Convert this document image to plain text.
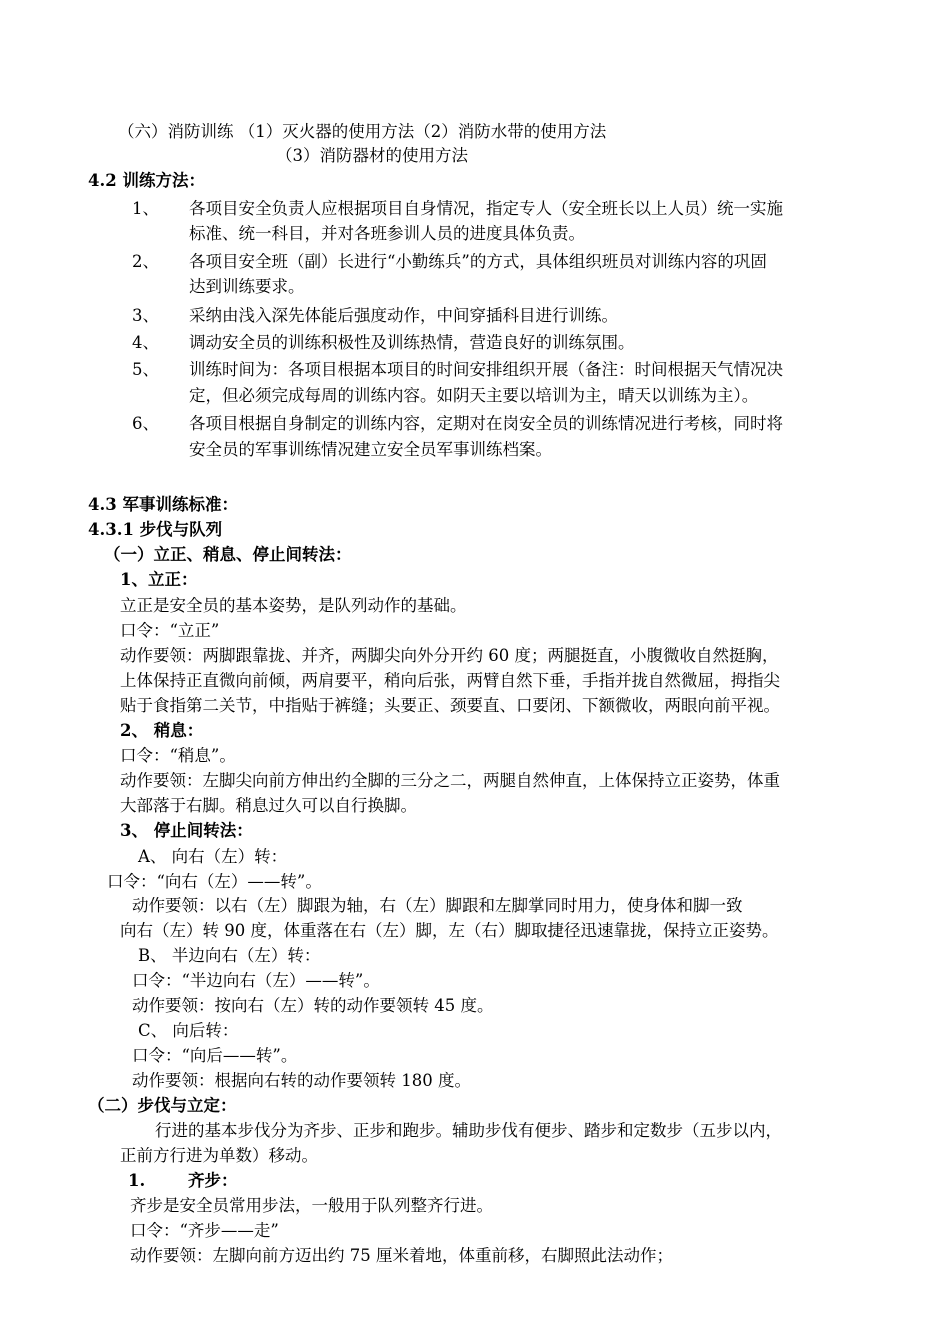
（六）消防训练 （1）灭火器的使用方法（2）消防水带的使用方法
（3）消防器材的使用方法
4.2 训练方法：
1、 各项目安全负责人应根据项目自身情况，指定专人（安全班长以上人员）统一实施
标准、统一科目，并对各班参训人员的进度具体负责。
2、 各项目安全班（副）长进行“小勤练兵”的方式，具体组织班员对训练内容的巩固
达到训练要求。
3、 采纳由浅入深先体能后强度动作，中间穿插科目进行训练。
4、 调动安全员的训练积极性及训练热情，营造良好的训练氛围。
5、 训练时间为：各项目根据本项目的时间安排组织开展（备注：时间根据天气情况决
定，但必须完成每周的训练内容。如阴天主要以培训为主，晴天以训练为主）。
6、 各项目根据自身制定的训练内容，定期对在岗安全员的训练情况进行考核，同时将
安全员的军事训练情况建立安全员军事训练档案。
4.3 军事训练标准：
4.3.1 步伐与队列
（一）立正、稍息、停止间转法：
1、立正：
立正是安全员的基本姿势，是队列动作的基础。
口令：“立正”
动作要领：两脚跟靠拢、并齐，两脚尖向外分开约 60 度；两腿挺直，小腹微收自然挺胸，
上体保持正直微向前倾，两肩要平，稍向后张，两臂自然下垂，手指并拢自然微屈，拇指尖
贴于食指第二关节，中指贴于裤缝；头要正、颈要直、口要闭、下额微收，两眼向前平视。
2、 稍息：
口令：“稍息”。
动作要领：左脚尖向前方伸出约全脚的三分之二，两腿自然伸直，上体保持立正姿势，体重
大部落于右脚。稍息过久可以自行换脚。
3、 停止间转法：
A、 向右（左）转：
口令：“向右（左）——转”。
动作要领：以右（左）脚跟为轴，右（左）脚跟和左脚掌同时用力，使身体和脚一致
向右（左）转 90 度，体重落在右（左）脚，左（右）脚取捷径迅速靠拢，保持立正姿势。
B、 半边向右（左）转：
口令：“半边向右（左）——转”。
动作要领：按向右（左）转的动作要领转 45 度。
C、 向后转：
口令：“向后——转”。
动作要领：根据向右转的动作要领转 180 度。
（二）步伐与立定：
行进的基本步伐分为齐步、正步和跑步。辅助步伐有便步、踏步和定数步（五步以内，
正前方行进为单数）移动。
1.	齐步：
齐步是安全员常用步法，一般用于队列整齐行进。
口令：“齐步——走”
动作要领：左脚向前方迈出约 75 厘米着地，体重前移，右脚照此法动作；
